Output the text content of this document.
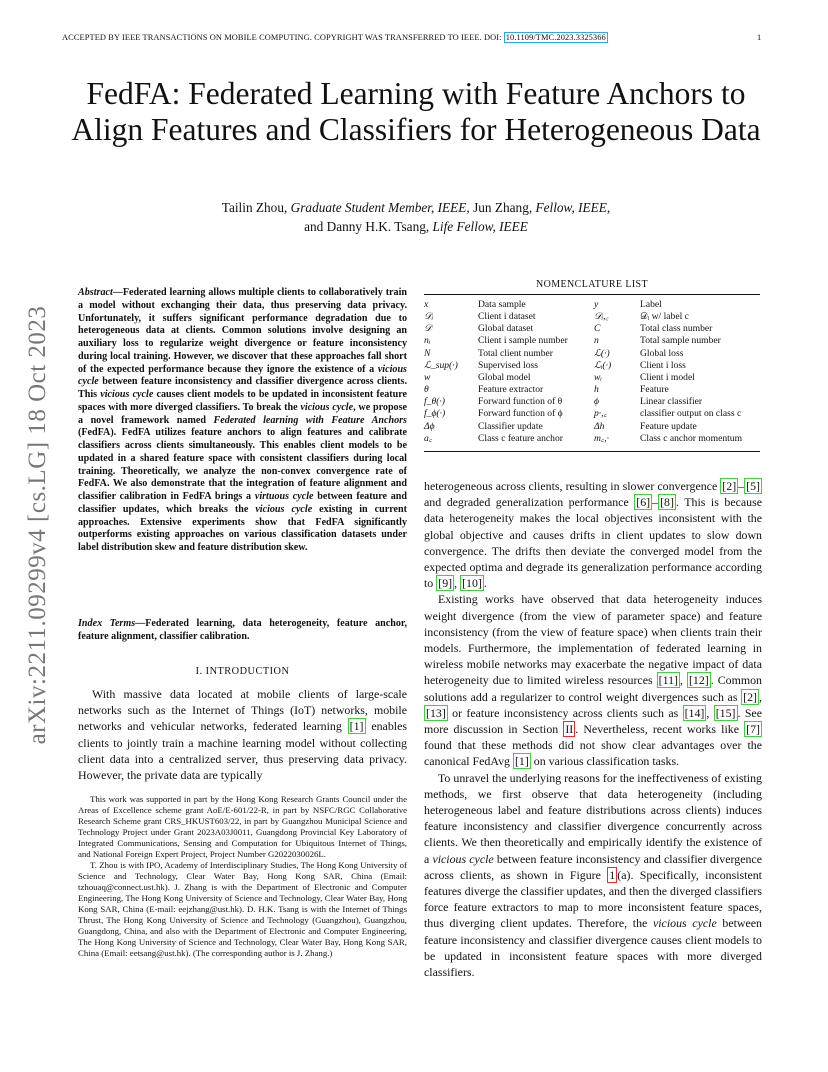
ACCEPTED BY IEEE TRANSACTIONS ON MOBILE COMPUTING. COPYRIGHT WAS TRANSFERRED TO IEEE. DOI: 10.1109/TMC.2023.3325366	1
arXiv:2211.09299v4 [cs.LG] 18 Oct 2023
FedFA: Federated Learning with Feature Anchors to Align Features and Classifiers for Heterogeneous Data
Tailin Zhou, Graduate Student Member, IEEE, Jun Zhang, Fellow, IEEE,
and Danny H.K. Tsang, Life Fellow, IEEE
Abstract—Federated learning allows multiple clients to collaboratively train a model without exchanging their data, thus preserving data privacy. Unfortunately, it suffers significant performance degradation due to heterogeneous data at clients. Common solutions involve designing an auxiliary loss to regularize weight divergence or feature inconsistency during local training. However, we discover that these approaches fall short of the expected performance because they ignore the existence of a vicious cycle between feature inconsistency and classifier divergence across clients. This vicious cycle causes client models to be updated in inconsistent feature spaces with more diverged classifiers. To break the vicious cycle, we propose a novel framework named Federated learning with Feature Anchors (FedFA). FedFA utilizes feature anchors to align features and calibrate classifiers across clients simultaneously. This enables client models to be updated in a shared feature space with consistent classifiers during local training. Theoretically, we analyze the non-convex convergence rate of FedFA. We also demonstrate that the integration of feature alignment and classifier calibration in FedFA brings a virtuous cycle between feature and classifier updates, which breaks the vicious cycle existing in current approaches. Extensive experiments show that FedFA significantly outperforms existing approaches on various classification datasets under label distribution skew and feature distribution skew.
Index Terms—Federated learning, data heterogeneity, feature anchor, feature alignment, classifier calibration.
I. INTRODUCTION

With massive data located at mobile clients of large-scale networks such as the Internet of Things (IoT) networks, mobile networks and vehicular networks, federated learning [1] enables clients to jointly train a machine learning model without collecting client data into a centralized server, thus preserving data privacy. However, the private data are typically

This work was supported in part by the Hong Kong Research Grants Council under the Areas of Excellence scheme grant AoE/E-601/22-R, in part by NSFC/RGC Collaborative Research Scheme grant CRS_HKUST603/22, in part by Guangzhou Municipal Science and Technology Project under Grant 2023A03J0011, Guangdong Provincial Key Laboratory of Integrated Communications, Sensing and Computation for Ubiquitous Internet of Things, and National Foreign Expert Project, Project Number G2022030026L.

T. Zhou is with IPO, Academy of Interdisciplinary Studies, The Hong Kong University of Science and Technology, Clear Water Bay, Hong Kong SAR, China (Email: tzhouaq@connect.ust.hk). J. Zhang is with the Department of Electronic and Computer Engineering, The Hong Kong University of Science and Technology, Clear Water Bay, Hong Kong SAR, China (E-mail: eejzhang@ust.hk). D. H.K. Tsang is with the Internet of Things Thrust, The Hong Kong University of Science and Technology (Guangzhou), Guangzhou, Guangdong, China, and also with the Department of Electronic and Computer Engineering, The Hong Kong University of Science and Technology, Clear Water Bay, Hong Kong SAR, China (Email: eetsang@ust.hk). (The corresponding author is J. Zhang.)

NOMENCLATURE LIST
x	Data sample	y	Label
𝒟ᵢ	Client i dataset	𝒟ᵢ,꜀	𝒟ᵢ w/ label c
𝒟	Global dataset	C	Total class number
nᵢ	Client i sample number	n	Total sample number
N	Total client number	ℒ(·)	Global loss
ℒ_sup(·)	Supervised loss	ℒᵢ(·)	Client i loss
w	Global model	wᵢ	Client i model
θ	Feature extractor	h	Feature
f_θ(·)	Forward function of θ	ϕ	Linear classifier
f_ϕ(·)	Forward function of ϕ	p·,꜀	classifier output on class c
Δϕ	Classifier update	Δh	Feature update
a꜀	Class c feature anchor	m꜀,·	Class c anchor momentum

heterogeneous across clients, resulting in slower convergence [2] – [5] and degraded generalization performance [6] – [8] . This is because data heterogeneity makes the local objectives inconsistent with the global objective and causes drifts in client updates to slow down convergence. The drifts then deviate the converged model from the expected optima and degrade its generalization performance according to [9] , [10] .

Existing works have observed that data heterogeneity induces weight divergence (from the view of parameter space) and feature inconsistency (from the view of feature space) when clients train their models. Furthermore, the implementation of federated learning in wireless mobile networks may exacerbate the negative impact of data heterogeneity due to limited wireless resources [11] , [12] . Common solutions add a regularizer to control weight divergences such as [2] , [13] or feature inconsistency across clients such as [14] , [15] . See more discussion in Section II . Nevertheless, recent works like [7] found that these methods did not show clear advantages over the canonical FedAvg [1] on various classification tasks.

To unravel the underlying reasons for the ineffectiveness of existing methods, we first observe that data heterogeneity (including heterogeneous label and feature distributions across clients) induces feature inconsistency and classifier divergence concurrently across clients. We then theoretically and empirically identify the existence of a vicious cycle between feature inconsistency and classifier divergence across clients, as shown in Figure 1 (a). Specifically, inconsistent features diverge the classifier updates, and then the diverged classifiers force feature extractors to map to more inconsistent feature spaces, thus diverging client updates. Therefore, the vicious cycle between feature inconsistency and classifier divergence causes client models to be updated in inconsistent feature spaces with more diverged classifiers.
